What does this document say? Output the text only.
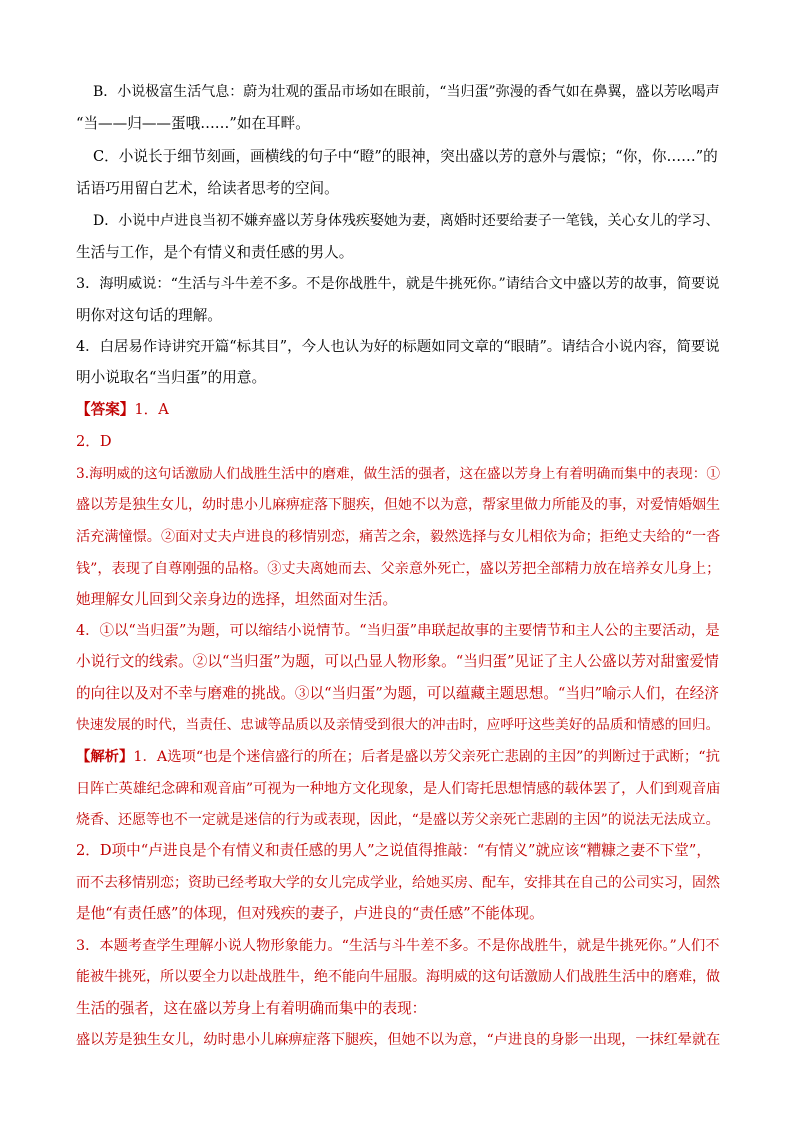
B．小说极富生活气息：蔚为壮观的蛋品市场如在眼前，“当归蛋”弥漫的香气如在鼻翼，盛以芳吆喝声
“当——归——蛋哦……”如在耳畔。
C．小说长于细节刻画，画横线的句子中“瞪”的眼神，突出盛以芳的意外与震惊；“你，你……”的
话语巧用留白艺术，给读者思考的空间。
D．小说中卢进良当初不嫌弃盛以芳身体残疾娶她为妻，离婚时还要给妻子一笔钱，关心女儿的学习、
生活与工作，是个有情义和责任感的男人。
3．海明威说：“生活与斗牛差不多。不是你战胜牛，就是牛挑死你。”请结合文中盛以芳的故事，简要说
明你对这句话的理解。
4．白居易作诗讲究开篇“标其目”，今人也认为好的标题如同文章的“眼睛”。请结合小说内容，简要说
明小说取名“当归蛋”的用意。
【答案】1．A
2．D
3.海明威的这句话激励人们战胜生活中的磨难，做生活的强者，这在盛以芳身上有着明确而集中的表现：①
盛以芳是独生女儿，幼时患小儿麻痹症落下腿疾，但她不以为意，帮家里做力所能及的事，对爱情婚姻生
活充满憧憬。②面对丈夫卢进良的移情别恋，痛苦之余，毅然选择与女儿相依为命；拒绝丈夫给的“一沓
钱”，表现了自尊刚强的品格。③丈夫离她而去、父亲意外死亡，盛以芳把全部精力放在培养女儿身上；
她理解女儿回到父亲身边的选择，坦然面对生活。
4．①以“当归蛋”为题，可以缩结小说情节。“当归蛋”串联起故事的主要情节和主人公的主要活动，是
小说行文的线索。②以“当归蛋”为题，可以凸显人物形象。“当归蛋”见证了主人公盛以芳对甜蜜爱情
的向往以及对不幸与磨难的挑战。③以“当归蛋”为题，可以蕴藏主题思想。“当归”喻示人们，在经济
快速发展的时代，当责任、忠诚等品质以及亲情受到很大的冲击时，应呼吁这些美好的品质和情感的回归。
【解析】1．A选项“也是个迷信盛行的所在；后者是盛以芳父亲死亡悲剧的主因”的判断过于武断；“抗
日阵亡英雄纪念碑和观音庙”可视为一种地方文化现象，是人们寄托思想情感的载体罢了，人们到观音庙
烧香、还愿等也不一定就是迷信的行为或表现，因此，“是盛以芳父亲死亡悲剧的主因”的说法无法成立。
2．D项中“卢进良是个有情义和责任感的男人”之说值得推敲：“有情义”就应该“糟糠之妻不下堂”，
而不去移情别恋；资助已经考取大学的女儿完成学业，给她买房、配车，安排其在自己的公司实习，固然
是他“有责任感”的体现，但对残疾的妻子，卢进良的“责任感”不能体现。
3．本题考查学生理解小说人物形象能力。“生活与斗牛差不多。不是你战胜牛，就是牛挑死你。”人们不
能被牛挑死，所以要全力以赴战胜牛，绝不能向牛屈服。海明威的这句话激励人们战胜生活中的磨难，做
生活的强者，这在盛以芳身上有着明确而集中的表现：
盛以芳是独生女儿，幼时患小儿麻痹症落下腿疾，但她不以为意，“卢进良的身影一出现，一抹红晕就在
